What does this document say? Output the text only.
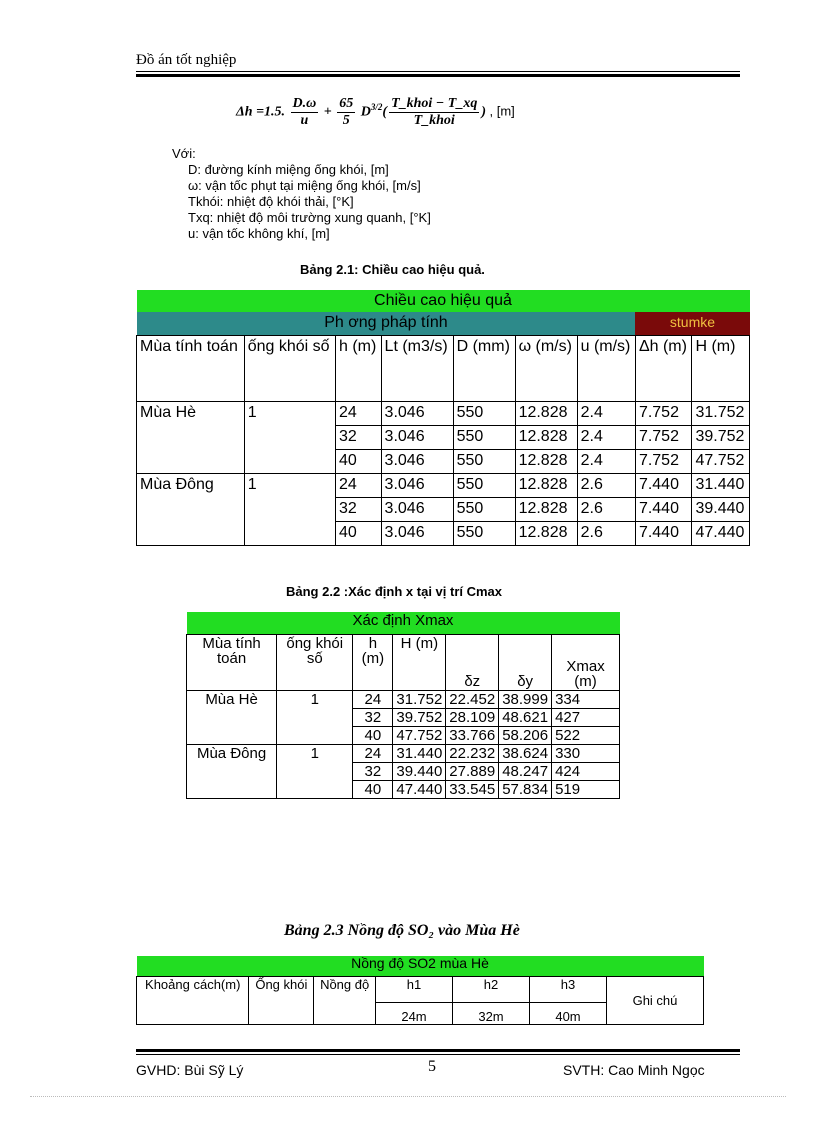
Đồ án tốt nghiệp
Δh =1.5. $\frac{D.\omega}{u} + \frac{65}{5} D^{3/2}( \frac{\text{T\_khoi − T\_xq}}{\text{T\_khoi}}$ ) , [m]
Với:
D: đường kính miệng ống khói, [m]
ω: vận tốc phụt tại miệng ống khói, [m/s]
Tkhói: nhiệt độ khói thải, [°K]
Txq: nhiệt độ môi trường xung quanh, [°K]
u: vận tốc không khí, [m]
Bảng 2.1: Chiều cao hiệu quả.
Chiều cao hiệu quả								
Ph ơng pháp tính							stumke	
Mùa tính toán	ống khói số	h (m)	Lt (m3/s)	D (mm)	ω (m/s)	u (m/s)	Δh (m)	H (m)
Mùa Hè	1	24	3.046	550	12.828	2.4	7.752	31.752
		32	3.046	550	12.828	2.4	7.752	39.752
		40	3.046	550	12.828	2.4	7.752	47.752
Mùa Đông	1	24	3.046	550	12.828	2.6	7.440	31.440
		32	3.046	550	12.828	2.6	7.440	39.440
		40	3.046	550	12.828	2.6	7.440	47.440
Bảng 2.2 :Xác định x tại vị trí Cmax
Xác định Xmax						
Mùa tính toán	ống khói số	h (m)	H (m)	δz	δy	Xmax (m)
Mùa Hè	1	24	31.752	22.452	38.999	334
		32	39.752	28.109	48.621	427
		40	47.752	33.766	58.206	522
Mùa Đông	1	24	31.440	22.232	38.624	330
		32	39.440	27.889	48.247	424
		40	47.440	33.545	57.834	519
Bảng 2.3 Nồng độ SO₂ vào Mùa Hè
Nồng độ SO2 mùa Hè						
Khoảng cách(m)	Ống khói	Nồng độ	h1	h2	h3	Ghi chú
			24m	32m	40m	
GVHD: Bùi Sỹ Lý	5	SVTH: Cao Minh Ngọc
